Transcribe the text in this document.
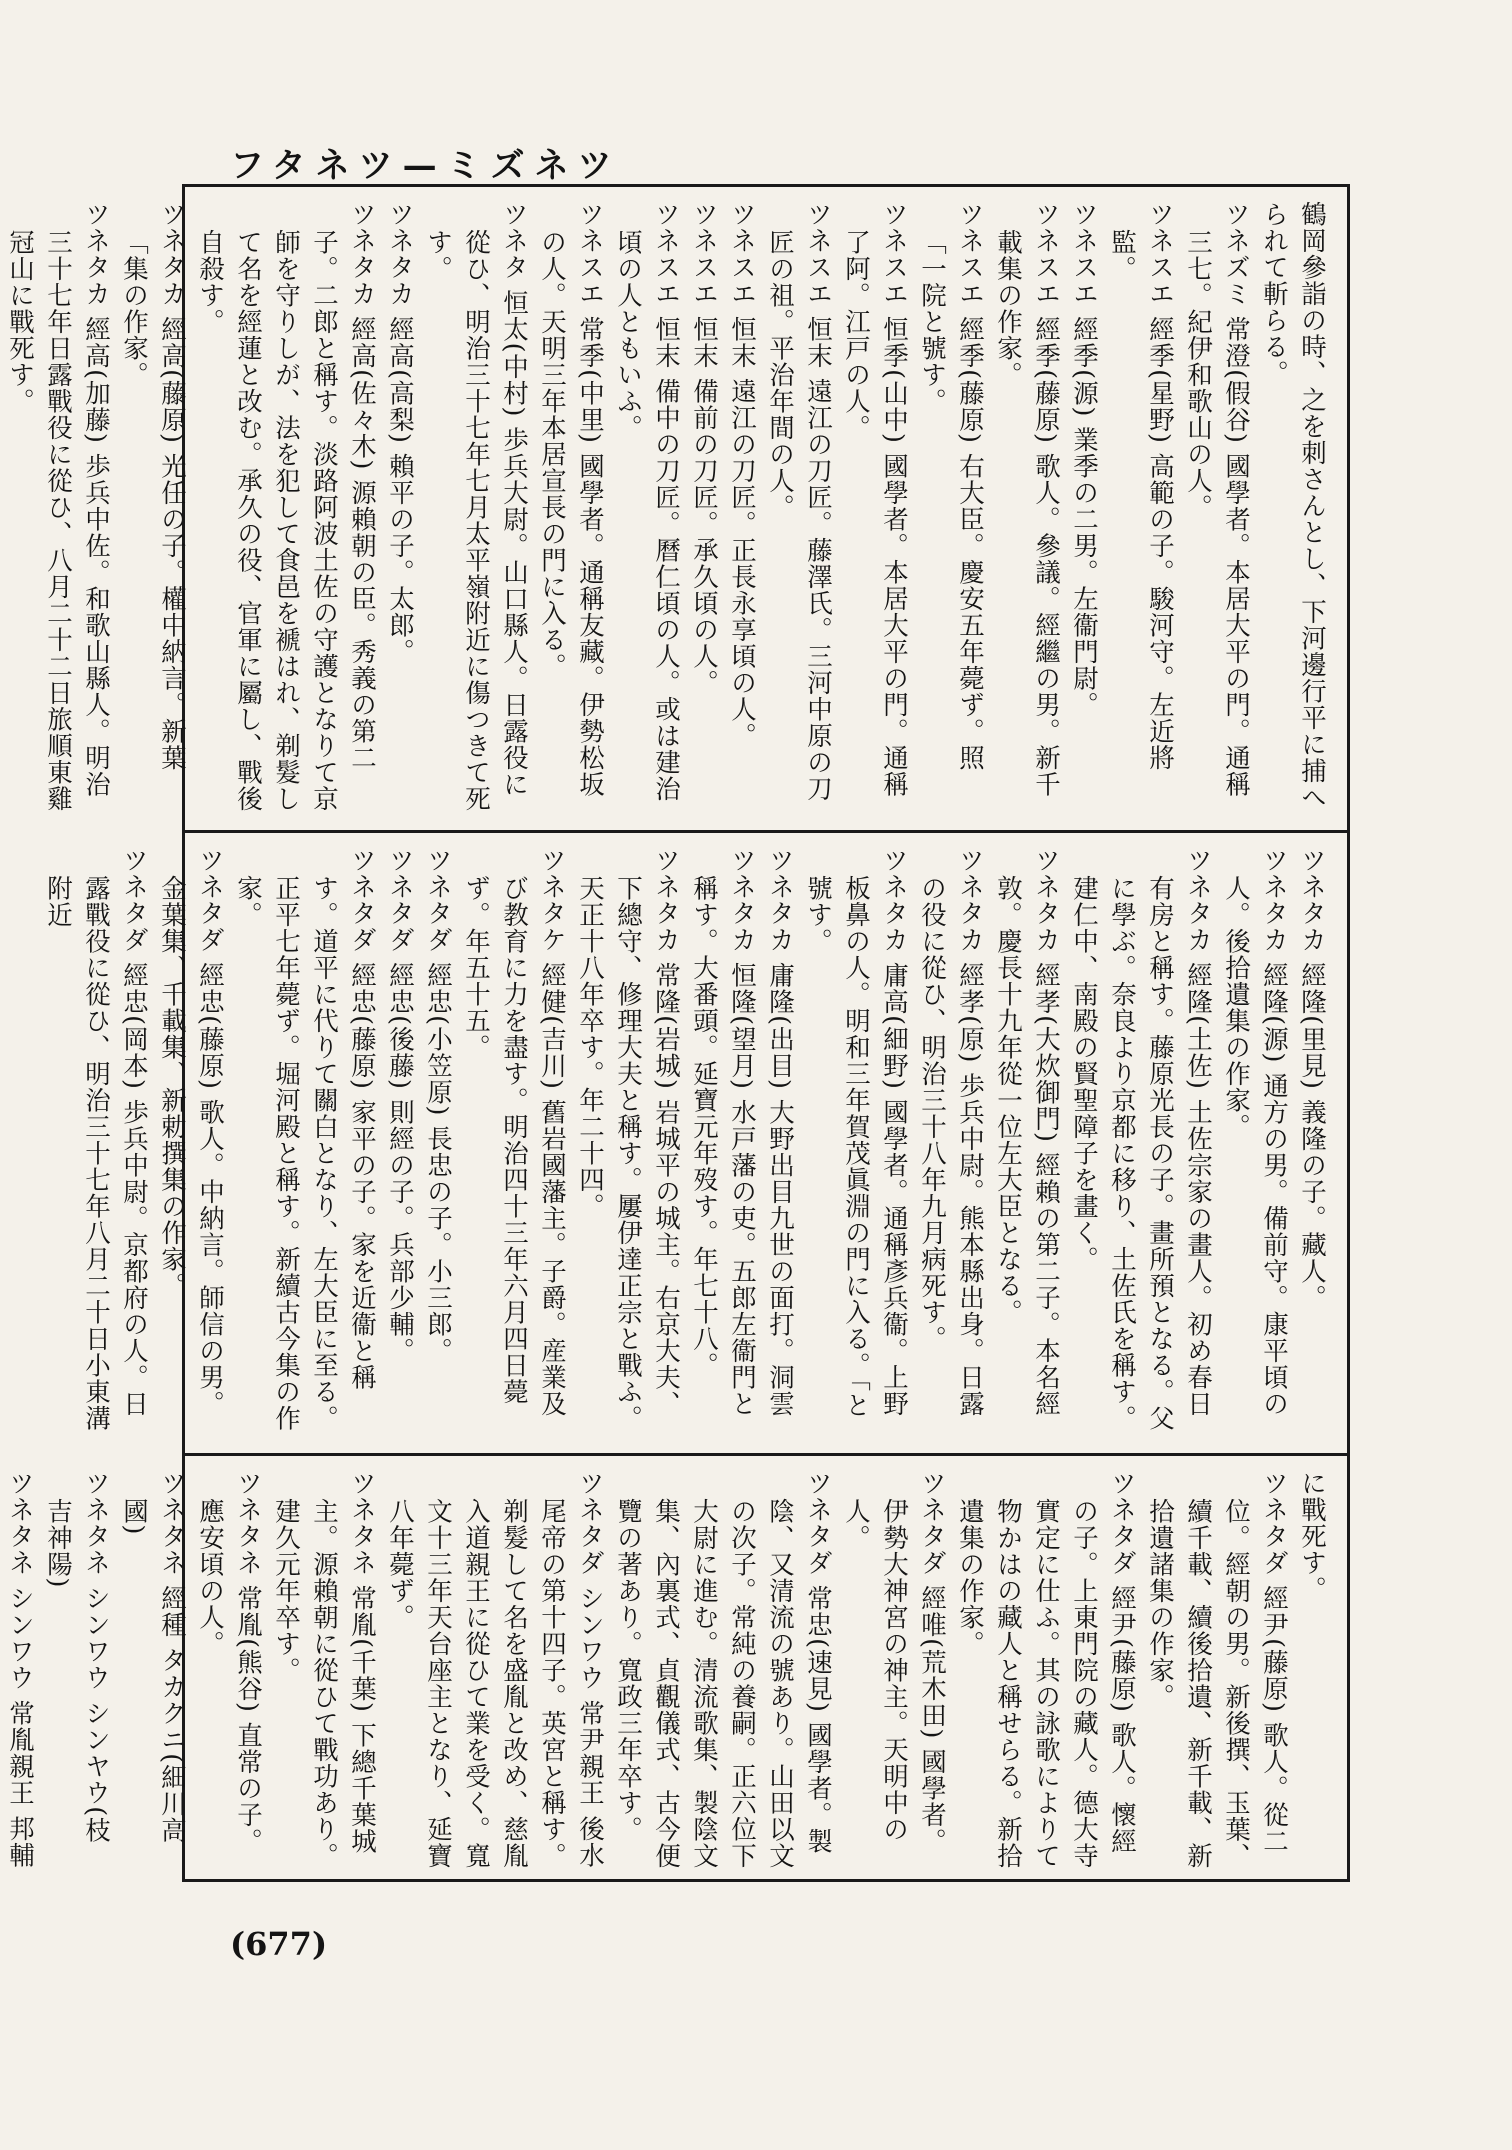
フタネツ—ミズネツ

鶴岡參詣の時、之を刺さんとし、下河邊行平に捕へられて斬らる。

ツネズミ 常澄(假谷) 國學者。本居大平の門。通稱三七。紀伊和歌山の人。

ツネスエ 經季(星野) 高範の子。駿河守。左近將監。

ツネスエ 經季(源) 業季の二男。左衞門尉。

ツネスエ 經季(藤原) 歌人。參議。經繼の男。新千載集の作家。

ツネスエ 經季(藤原) 右大臣。慶安五年薨ず。照「一院と號す。

ツネスエ 恒季(山中) 國學者。本居大平の門。通稱了阿。江戸の人。

ツネスエ 恒末 遠江の刀匠。藤澤氏。三河中原の刀匠の祖。平治年間の人。

ツネスエ 恒末 遠江の刀匠。正長永享頃の人。

ツネスエ 恒末 備前の刀匠。承久頃の人。

ツネスエ 恒末 備中の刀匠。曆仁頃の人。或は建治頃の人ともいふ。

ツネスエ 常季(中里) 國學者。通稱友藏。伊勢松坂の人。天明三年本居宣長の門に入る。

ツネタ 恒太(中村) 歩兵大尉。山口縣人。日露役に從ひ、明治三十七年七月太平嶺附近に傷つきて死す。

ツネタカ 經高(高梨) 賴平の子。太郎。

ツネタカ 經高(佐々木) 源賴朝の臣。秀義の第二子。二郎と稱す。淡路阿波土佐の守護となりて京師を守りしが、法を犯して食邑を褫はれ、剃髮して名を經蓮と改む。承久の役、官軍に屬し、戰後自殺す。

ツネタカ 經高(藤原) 光任の子。權中納言。新葉「集の作家。

ツネタカ 經高(加藤) 歩兵中佐。和歌山縣人。明治三十七年日露戰役に從ひ、八月二十二日旅順東雞冠山に戰死す。

ツネタカ 經隆(里見) 義隆の子。藏人。

ツネタカ 經隆(源) 通方の男。備前守。康平頃の人。後拾遺集の作家。

ツネタカ 經隆(土佐) 土佐宗家の畫人。初め春日有房と稱す。藤原光長の子。畫所預となる。父に學ぶ。奈良より京都に移り、土佐氏を稱す。建仁中、南殿の賢聖障子を畫く。

ツネタカ 經孝(大炊御門) 經賴の第二子。本名經敦。慶長十九年從一位左大臣となる。

ツネタカ 經孝(原) 歩兵中尉。熊本縣出身。日露の役に從ひ、明治三十八年九月病死す。

ツネタカ 庸高(細野) 國學者。通稱彥兵衞。上野板鼻の人。明和三年賀茂眞淵の門に入る。「と號す。

ツネタカ 庸隆(出目) 大野出目九世の面打。洞雲

ツネタカ 恒隆(望月) 水戸藩の吏。五郎左衞門と稱す。大番頭。延寶元年歿す。年七十八。

ツネタカ 常隆(岩城) 岩城平の城主。右京大夫、下總守、修理大夫と稱す。屢伊達正宗と戰ふ。天正十八年卒す。年二十四。

ツネタケ 經健(吉川) 舊岩國藩主。子爵。産業及び教育に力を盡す。明治四十三年六月四日薨ず。年五十五。

ツネタダ 經忠(小笠原) 長忠の子。小三郎。

ツネタダ 經忠(後藤) 則經の子。兵部少輔。

ツネタダ 經忠(藤原) 家平の子。家を近衞と稱す。道平に代りて關白となり、左大臣に至る。正平七年薨ず。堀河殿と稱す。新續古今集の作家。

ツネタダ 經忠(藤原) 歌人。中納言。師信の男。金葉集、千載集、新勅撰集の作家。

ツネタダ 經忠(岡本) 歩兵中尉。京都府の人。日露戰役に從ひ、明治三十七年八月二十日小東溝附近

に戰死す。

ツネタダ 經尹(藤原) 歌人。從二位。經朝の男。新後撰、玉葉、續千載、續後拾遺、新千載、新拾遺諸集の作家。

ツネタダ 經尹(藤原) 歌人。懷經の子。上東門院の藏人。德大寺實定に仕ふ。其の詠歌によりて物かはの藏人と稱せらる。新拾遺集の作家。

ツネタダ 經唯(荒木田) 國學者。伊勢大神宮の神主。天明中の人。

ツネタダ 常忠(速見) 國學者。製陰、又清流の號あり。山田以文の次子。常純の養嗣。正六位下大尉に進む。清流歌集、製陰文集、內裏式、貞觀儀式、古今便覽の著あり。寬政三年卒す。

ツネタダ シンワウ 常尹親王 後水尾帝の第十四子。英宮と稱す。剃髮して名を盛胤と改め、慈胤入道親王に從ひて業を受く。寬文十三年天台座主となり、延寶八年薨ず。

ツネタネ 常胤(千葉) 下總千葉城主。源賴朝に從ひて戰功あり。建久元年卒す。

ツネタネ 常胤(熊谷) 直常の子。應安頃の人。

ツネタネ 經種 タカクニ(細川高國)

ツネタネ シンワウ シンヤウ(枝吉神陽)

ツネタネ シンワウ 常胤親王 邦輔

(677)
